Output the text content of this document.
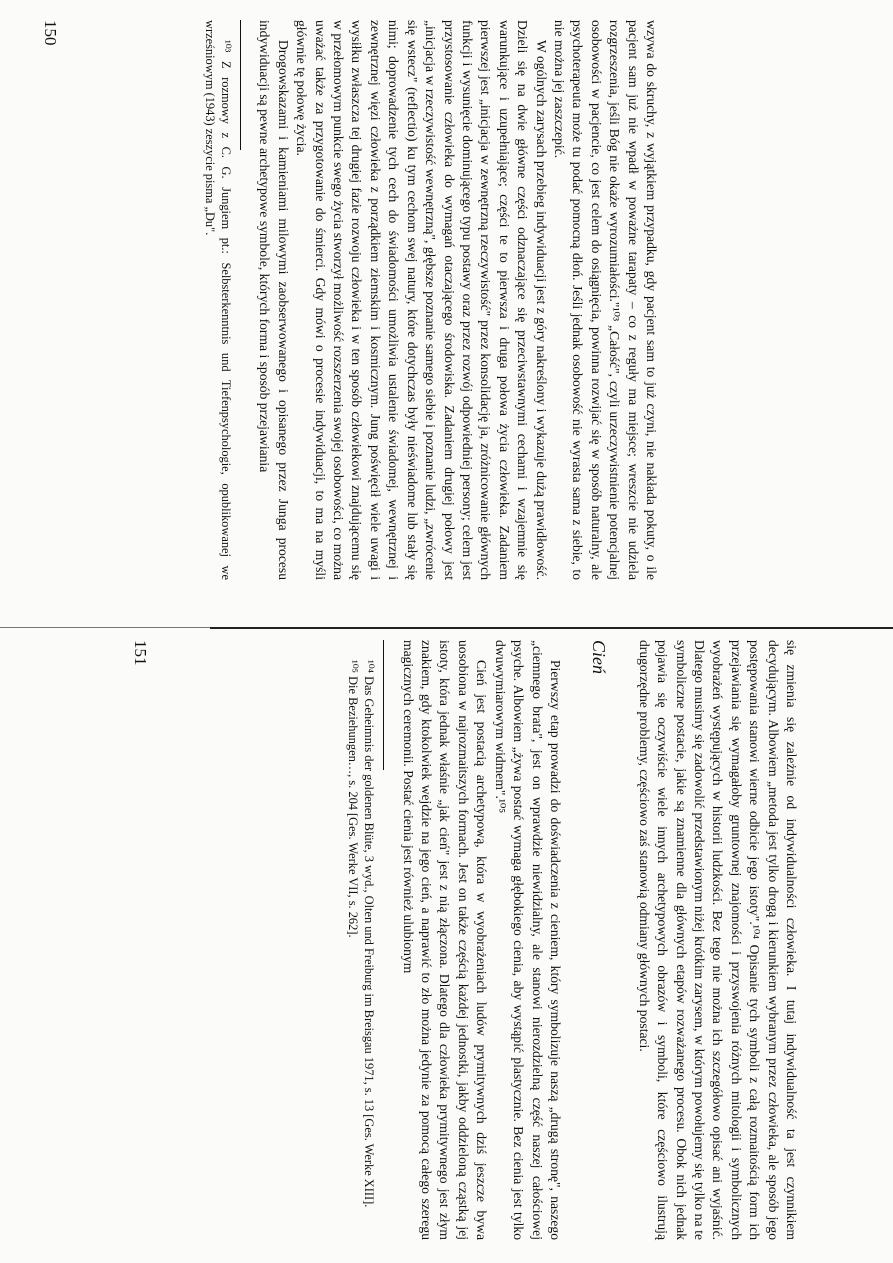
wzywa do skruchy, z wyjątkiem przypadku, gdy pacjent sam to już czyni, nie nakłada pokuty, o ile pacjent sam już nie wpadł w poważne tarapaty – co z reguły ma miejsce; wreszcie nie udziela rozgrzeszenia, jeśli Bóg nie okaże wyrozumiałości."¹⁰³ „Całość", czyli urzeczywistnienie potencjalnej osobowości w pacjencie, co jest celem do osiągnięcia, powinna rozwijać się w sposób naturalny, ale psychoterapeuta może tu podać pomocną dłoń. Jeśli jednak osobowość nie wyrasta sama z siebie, to nie można jej zaszczepić.

W ogólnych zarysach przebieg indywiduacji jest z góry nakreślony i wykazuje dużą prawidłowość. Dzieli się na dwie główne części odznaczające się przeciwstawnymi cechami i wzajemnie się warunkujące i uzupełniające; części te to pierwsza i druga połowa życia człowieka. Zadaniem pierwszej jest „inicjacja w zewnętrzną rzeczywistość" przez konsolidację ja, zróżnicowanie głównych funkcji i wysunięcie dominującego typu postawy oraz przez rozwój odpowiedniej persony; celem jest przystosowanie człowieka do wymagań otaczającego środowiska. Zadaniem drugiej połowy jest „inicjacja w rzeczywistość wewnętrzną", głębsze poznanie samego siebie i poznanie ludzi, „zwrócenie się wstecz" (reflectio) ku tym cechom swej natury, które dotychczas były nieświadome lub stały się nimi; doprowadzenie tych cech do świadomości umożliwia ustalenie świadomej, wewnętrznej i zewnętrznej więzi człowieka z porządkiem ziemskim i kosmicznym. Jung poświęcił wiele uwagi i wysiłku zwłaszcza tej drugiej fazie rozwoju człowieka i w ten sposób człowiekowi znajdującemu się w przełomowym punkcie swego życia stworzył możliwość rozszerzenia swojej osobowości, co można uważać także za przygotowanie do śmierci. Gdy mówi o procesie indywiduacji, to ma na myśli głównie tę połowę życia.

Drogowskazami i kamieniami milowymi zaobserwowanego i opisanego przez Junga procesu indywiduacji są pewne archetypowe symbole, których forma i sposób przejawiania

¹⁰³ Z rozmowy z C. G. Jungiem pt.: Selbsterkenntnis und Tiefenpsychologie, opublikowanej we wrześniowym (1943) zeszycie pisma „Du".

150

się zmienia się zależnie od indywidualności człowieka. I tutaj indywidualność ta jest czynnikiem decydującym. Albowiem „metoda jest tylko drogą i kierunkiem wybranym przez człowieka, ale sposób jego postępowania stanowi wierne odbicie jego istoty".¹⁰⁴ Opisanie tych symboli z całą rozmaitością form ich przejawiania się wymagałoby gruntownej znajomości i przyswojenia różnych mitologii i symbolicznych wyobrażeń występujących w historii ludzkości. Bez tego nie można ich szczegółowo opisać ani wyjaśnić. Dlatego musimy się zadowolić przedstawionym niżej krótkim zarysem, w którym powołujemy się tylko na te symboliczne postacie, jakie są znamienne dla głównych etapów rozważanego procesu. Obok nich jednak pojawia się oczywiście wiele innych archetypowych obrazów i symboli, które częściowo ilustrują drugorzędne problemy, częściowo zaś stanowią odmiany głównych postaci.

Cień

Pierwszy etap prowadzi do doświadczenia z cieniem, który symbolizuje naszą „drugą stronę", naszego „ciemnego brata", jest on wprawdzie niewidzialny, ale stanowi nierozdzielną część naszej całościowej psyche. Albowiem „żywa postać wymaga głębokiego cienia, aby wystąpić plastycznie. Bez cienia jest tylko dwuwymiarowym widmem".¹⁰⁵

Cień jest postacią archetypową, która w wyobrażeniach ludów prymitywnych dziś jeszcze bywa uosobiona w najrozmaitszych formach. Jest on także częścią każdej jednostki, jakby oddzieloną cząstką jej istoty, która jednak właśnie „jak cień" jest z nią złączona. Dlatego dla człowieka prymitywnego jest złym znakiem, gdy ktokolwiek wejdzie na jego cień, a naprawić to zło można jedynie za pomocą całego szeregu magicznych ceremonii. Postać cienia jest również ulubionym

¹⁰⁴ Das Geheimnis der goldenen Blüte, 3 wyd., Olten und Freiburg im Breisgau 1971, s. 13 [Ges. Werke XIII].

¹⁰⁵ Die Beziehungen…, s. 204 [Ges. Werke VII, s. 262].

151
